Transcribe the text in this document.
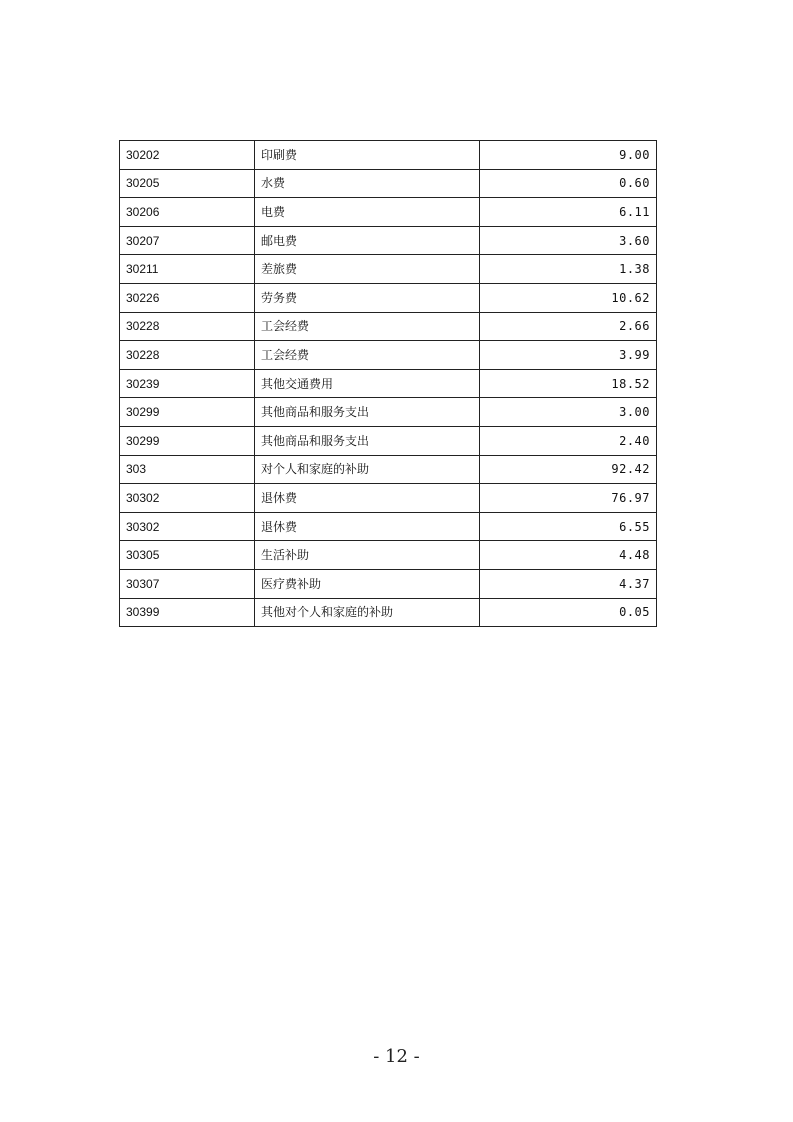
30202	印刷费	9.00
30205	水费	0.60
30206	电费	6.11
30207	邮电费	3.60
30211	差旅费	1.38
30226	劳务费	10.62
30228	工会经费	2.66
30228	工会经费	3.99
30239	其他交通费用	18.52
30299	其他商品和服务支出	3.00
30299	其他商品和服务支出	2.40
303	对个人和家庭的补助	92.42
30302	退休费	76.97
30302	退休费	6.55
30305	生活补助	4.48
30307	医疗费补助	4.37
30399	其他对个人和家庭的补助	0.05
- 12 -
